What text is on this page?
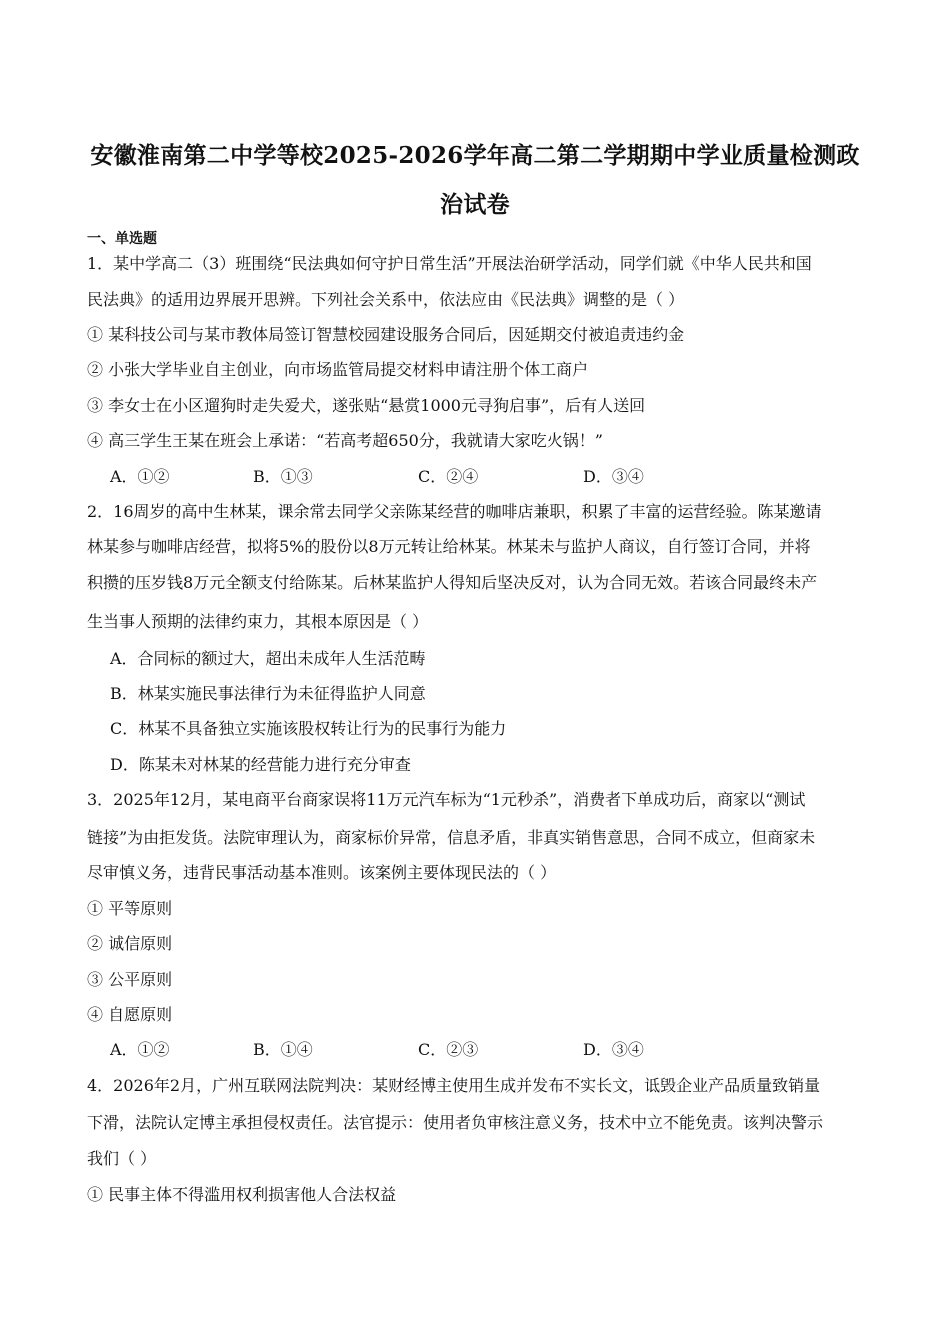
安徽淮南第二中学等校2025-2026学年高二第二学期期中学业质量检测政
治试卷
一、单选题
1．某中学高二（3）班围绕“民法典如何守护日常生活”开展法治研学活动，同学们就《中华人民共和国
民法典》的适用边界展开思辨。下列社会关系中，依法应由《民法典》调整的是（ ）
① 某科技公司与某市教体局签订智慧校园建设服务合同后，因延期交付被追责违约金
② 小张大学毕业自主创业，向市场监管局提交材料申请注册个体工商户
③ 李女士在小区遛狗时走失爱犬，遂张贴“悬赏1000元寻狗启事”，后有人送回
④ 高三学生王某在班会上承诺：“若高考超650分，我就请大家吃火锅！”
A．①②	B．①③	C．②④	D．③④
2．16周岁的高中生林某，课余常去同学父亲陈某经营的咖啡店兼职，积累了丰富的运营经验。陈某邀请
林某参与咖啡店经营，拟将5%的股份以8万元转让给林某。林某未与监护人商议，自行签订合同，并将
积攒的压岁钱8万元全额支付给陈某。后林某监护人得知后坚决反对，认为合同无效。若该合同最终未产
生当事人预期的法律约束力，其根本原因是（ ）
A．合同标的额过大，超出未成年人生活范畴
B．林某实施民事法律行为未征得监护人同意
C．林某不具备独立实施该股权转让行为的民事行为能力
D．陈某未对林某的经营能力进行充分审查
3．2025年12月，某电商平台商家误将11万元汽车标为“1元秒杀”，消费者下单成功后，商家以“测试
链接”为由拒发货。法院审理认为，商家标价异常，信息矛盾，非真实销售意思，合同不成立，但商家未
尽审慎义务，违背民事活动基本准则。该案例主要体现民法的（ ）
① 平等原则
② 诚信原则
③ 公平原则
④ 自愿原则
A．①②	B．①④	C．②③	D．③④
4．2026年2月，广州互联网法院判决：某财经博主使用生成并发布不实长文，诋毁企业产品质量致销量
下滑，法院认定博主承担侵权责任。法官提示：使用者负审核注意义务，技术中立不能免责。该判决警示
我们（ ）
① 民事主体不得滥用权利损害他人合法权益
